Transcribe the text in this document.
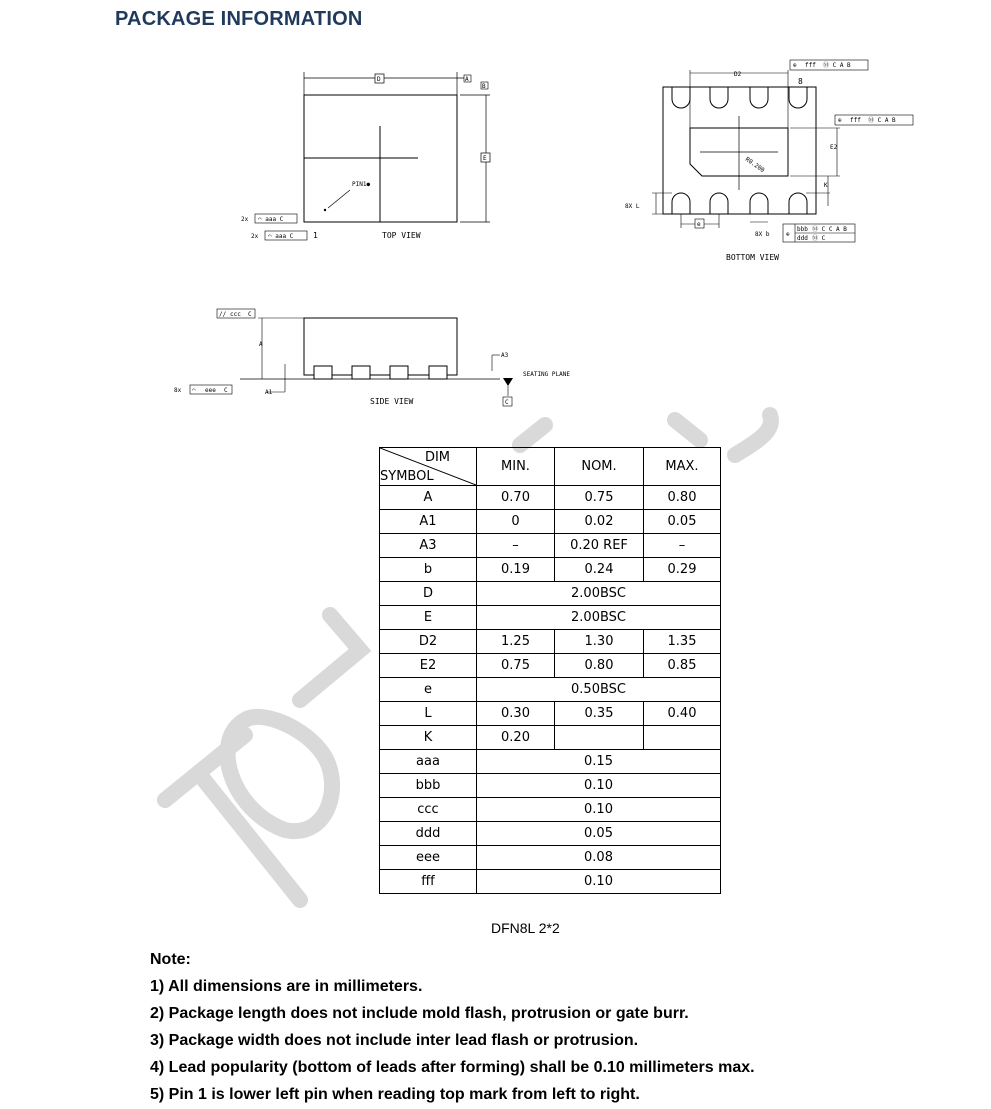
PACKAGE INFORMATION
D
E
A
B
PIN1●
2x ◠ aaa C
2x ◠ aaa C 1	TOP VIEW
R0.200
D2
⊕ fff Ⓜ C A B
8
⊕ fff Ⓜ C A B
E2
K
8X L
e
8X b	⊕
bbb Ⓜ C C A B
ddd Ⓜ C
BOTTOM VIEW
A
A1
A3
// ccc C
8x ◠ eee C
C
SEATING PLANE
SIDE VIEW
DIM
SYMBOL	MIN.	NOM.	MAX.
A	0.70	0.75	0.80
A1	0	0.02	0.05
A3	–	0.20 REF	–
b	0.19	0.24	0.29
D	2.00BSC		
E	2.00BSC		
D2	1.25	1.30	1.35
E2	0.75	0.80	0.85
e	0.50BSC		
L	0.30	0.35	0.40
K	0.20		
aaa	0.15		
bbb	0.10		
ccc	0.10		
ddd	0.05		
eee	0.08		
fff	0.10		
DFN8L 2*2
Note:
1) All dimensions are in millimeters.
2) Package length does not include mold flash, protrusion or gate burr.
3) Package width does not include inter lead flash or protrusion.
4) Lead popularity (bottom of leads after forming) shall be 0.10 millimeters max.
5) Pin 1 is lower left pin when reading top mark from left to right.
